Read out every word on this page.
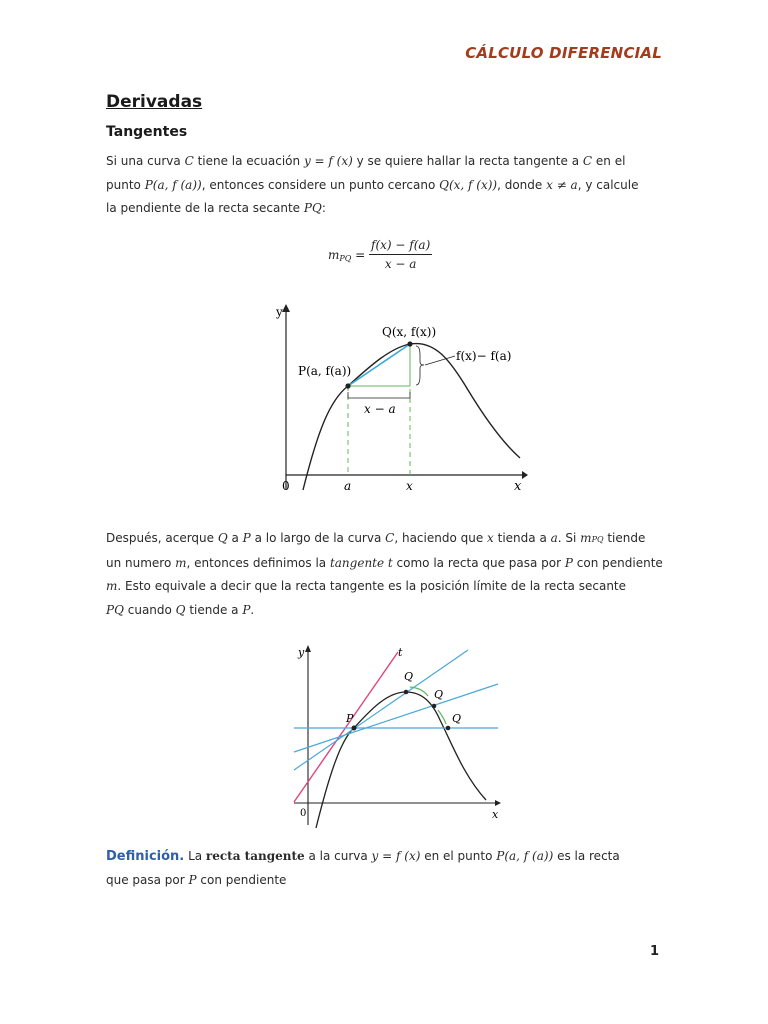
CÁLCULO DIFERENCIAL
Derivadas
Tangentes
Si una curva C tiene la ecuación y = f (x) y se quiere hallar la recta tangente a C en el
punto P(a, f (a)), entonces considere un punto cercano Q(x, f (x)), donde x ≠ a, y calcule
la pendiente de la recta secante PQ:
m PQ = $\frac{f(x) - f(a)}{x - a}$
y
x
0	a	x
P(a, f(a))
Q(x, f(x))
f(x)− f(a)
x − a
Después, acerque Q a P a lo largo de la curva C, haciendo que x tienda a a. Si mPQ tiende
un numero m, entonces definimos la tangente t como la recta que pasa por P con pendiente
m. Esto equivale a decir que la recta tangente es la posición límite de la recta secante
PQ cuando Q tiende a P.
y
x
0
t
P
Q
Q
Q
Definición. La recta tangente a la curva y = f (x) en el punto P(a, f (a)) es la recta
que pasa por P con pendiente
1
